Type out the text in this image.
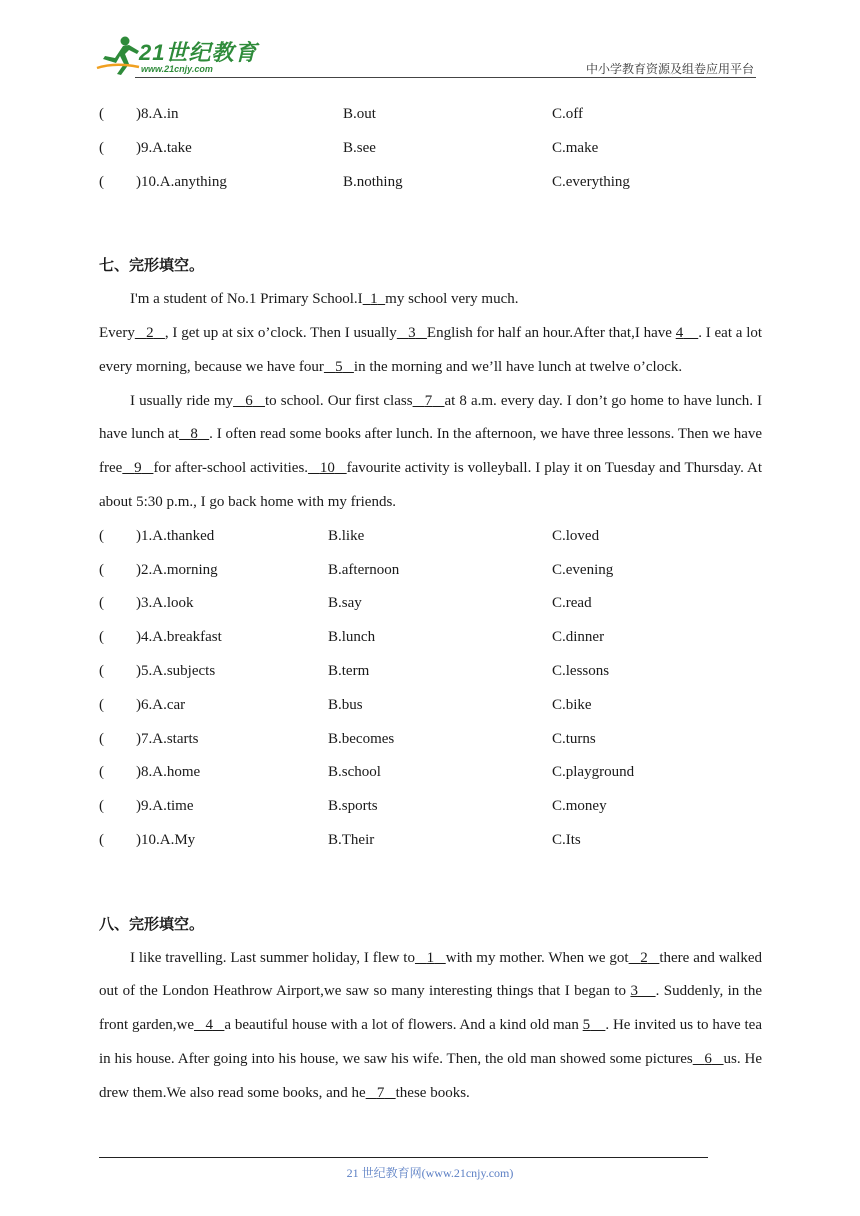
21世纪教育
www.21cnjy.com	中小学教育资源及组卷应用平台
( )8.A.in	B.out	C.off
( )9.A.take	B.see	C.make
( )10.A.anything	B.nothing	C.everything
七、完形填空。

I'm a student of No.1 Primary School.I 1 my school very much.

Every 2 , I get up at six o’clock. Then I usually 3 English for half an hour.After that,I have 4 . I eat a lot every morning, because we have four 5 in the morning and we’ll have lunch at twelve o’clock.

I usually ride my 6 to school. Our first class 7 at 8 a.m. every day. I don’t go home to have lunch. I have lunch at 8 . I often read some books after lunch. In the afternoon, we have three lessons. Then we have free 9 for after-school activities. 10 favourite activity is volleyball. I play it on Tuesday and Thursday. At about 5:30 p.m., I go back home with my friends.

( )1.A.thanked	B.like	C.loved
( )2.A.morning	B.afternoon	C.evening
( )3.A.look	B.say	C.read
( )4.A.breakfast	B.lunch	C.dinner
( )5.A.subjects	B.term	C.lessons
( )6.A.car	B.bus	C.bike
( )7.A.starts	B.becomes	C.turns
( )8.A.home	B.school	C.playground
( )9.A.time	B.sports	C.money
( )10.A.My	B.Their	C.Its
八、完形填空。

I like travelling. Last summer holiday, I flew to 1 with my mother. When we got 2 there and walked out of the London Heathrow Airport,we saw so many interesting things that I began to 3 . Suddenly, in the front garden,we 4 a beautiful house with a lot of flowers. And a kind old man 5 . He invited us to have tea in his house. After going into his house, we saw his wife. Then, the old man showed some pictures 6 us. He drew them.We also read some books, and he 7 these books.

21 世纪教育网(www.21cnjy.com)
